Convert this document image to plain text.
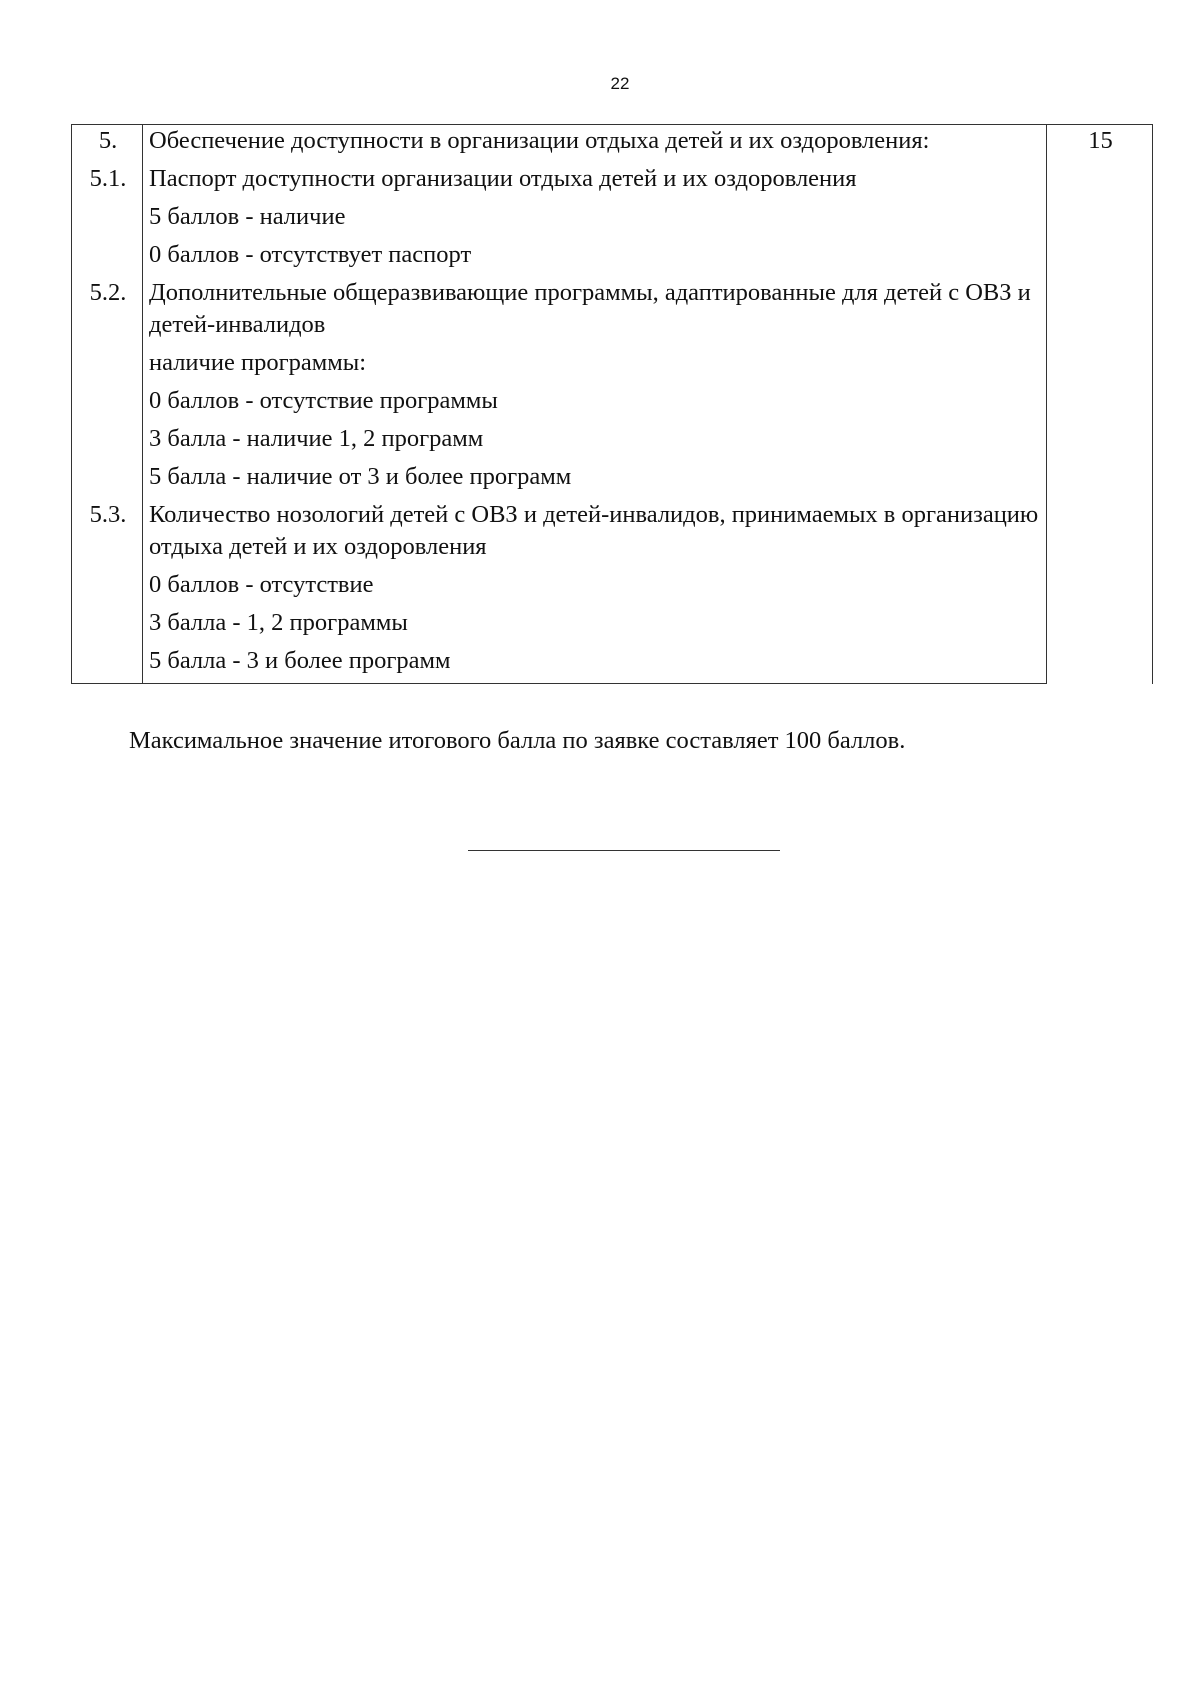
22
5.	Обеспечение доступности в организации отдыха детей и их оздоровления:	15
5.1.	Паспорт доступности организации отдыха детей и их оздоровления
5 баллов - наличие
0 баллов - отсутствует паспорт	

5.2.	Дополнительные общеразвивающие программы, адаптированные для детей с ОВЗ и детей-инвалидов
наличие программы:
0 баллов - отсутствие программы
3 балла - наличие 1, 2 программ
5 балла - наличие от 3 и более программ	

5.3.	Количество нозологий детей с ОВЗ и детей-инвалидов, принимаемых в организацию отдыха детей и их оздоровления
0 баллов - отсутствие
3 балла - 1, 2 программы
5 балла - 3 и более программ	
Максимальное значение итогового балла по заявке составляет 100 баллов.
